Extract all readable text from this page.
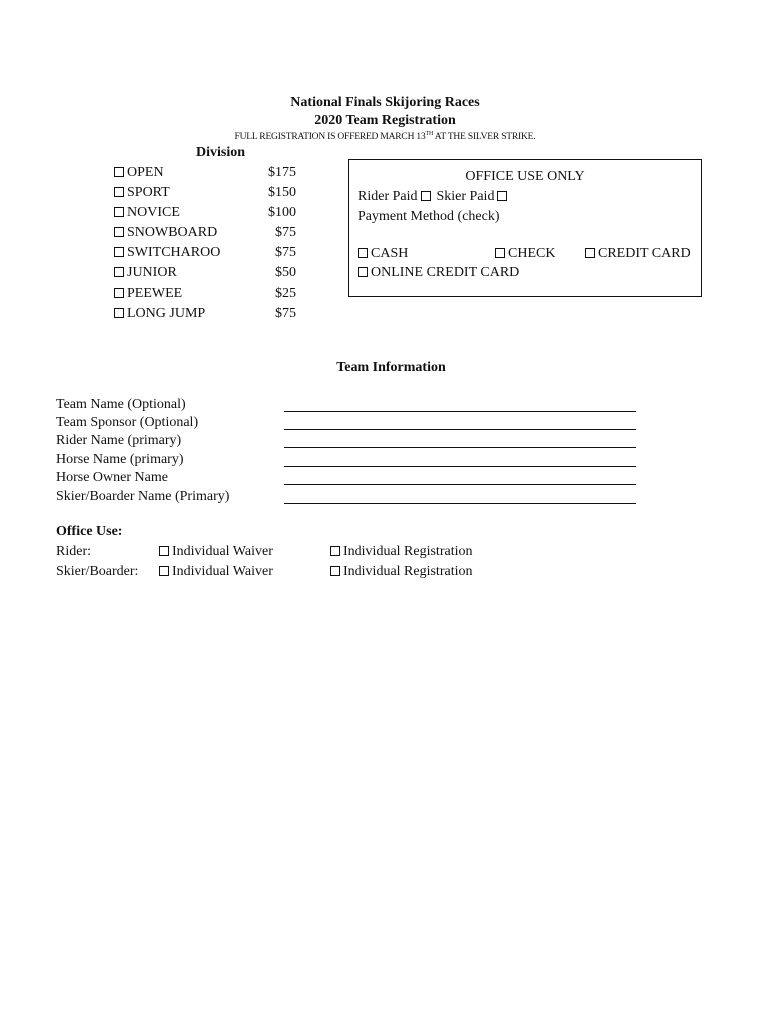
National Finals Skijoring Races
2020 Team Registration
FULL REGISTRATION IS OFFERED MARCH 13TH AT THE SILVER STRIKE.
Division
OPEN	$175
SPORT	$150
NOVICE	$100
SNOWBOARD	$75
SWITCHAROO	$75
JUNIOR	$50
PEEWEE	$25
LONG JUMP	$75
OFFICE USE ONLY
Rider Paid Skier Paid
Payment Method (check)
CASH	CHECK	CREDIT CARD
ONLINE CREDIT CARD
Team Information
Team Name (Optional)
Team Sponsor (Optional)
Rider Name (primary)
Horse Name (primary)
Horse Owner Name
Skier/Boarder Name (Primary)
Office Use:
Rider:	Individual Waiver	Individual Registration
Skier/Boarder:	Individual Waiver	Individual Registration
